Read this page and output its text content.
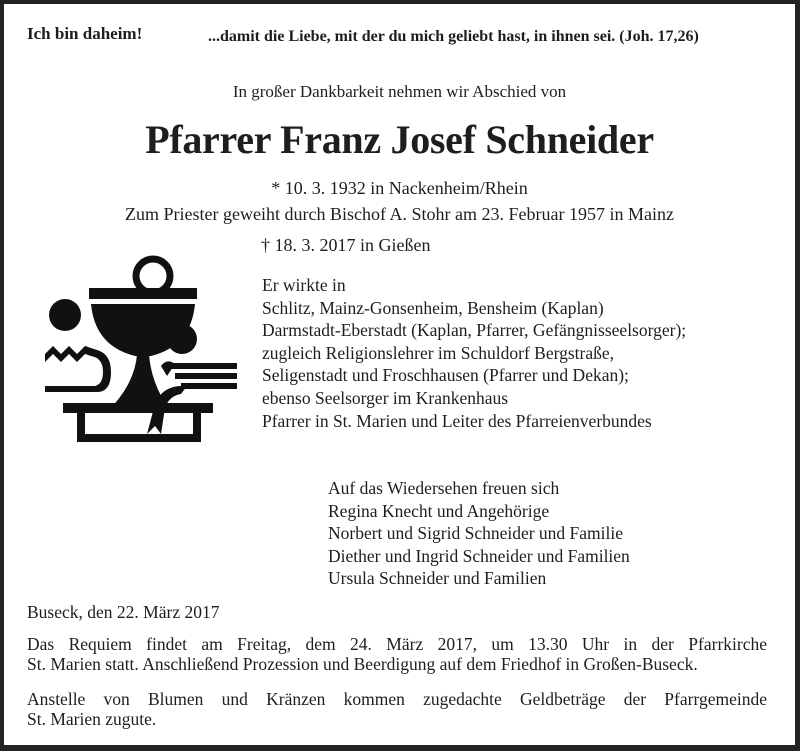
Ich bin daheim!	...damit die Liebe, mit der du mich geliebt hast, in ihnen sei. (Joh. 17,26)
In großer Dankbarkeit nehmen wir Abschied von
Pfarrer Franz Josef Schneider
* 10. 3. 1932 in Nackenheim/Rhein
Zum Priester geweiht durch Bischof A. Stohr am 23. Februar 1957 in Mainz
† 18. 3. 2017 in Gießen
Er wirkte in
Schlitz, Mainz-Gonsenheim, Bensheim (Kaplan)
Darmstadt-Eberstadt (Kaplan, Pfarrer, Gefängnisseelsorger);
zugleich Religionslehrer im Schuldorf Bergstraße,
Seligenstadt und Froschhausen (Pfarrer und Dekan);
ebenso Seelsorger im Krankenhaus
Pfarrer in St. Marien und Leiter des Pfarreienverbundes
Auf das Wiedersehen freuen sich
Regina Knecht und Angehörige
Norbert und Sigrid Schneider und Familie
Diether und Ingrid Schneider und Familien
Ursula Schneider und Familien
Buseck, den 22. März 2017
Das Requiem findet am Freitag, dem 24. März 2017, um 13.30 Uhr in der Pfarrkirche
St. Marien statt. Anschließend Prozession und Beerdigung auf dem Friedhof in Großen-Buseck.
Anstelle von Blumen und Kränzen kommen zugedachte Geldbeträge der Pfarrgemeinde
St. Marien zugute.
